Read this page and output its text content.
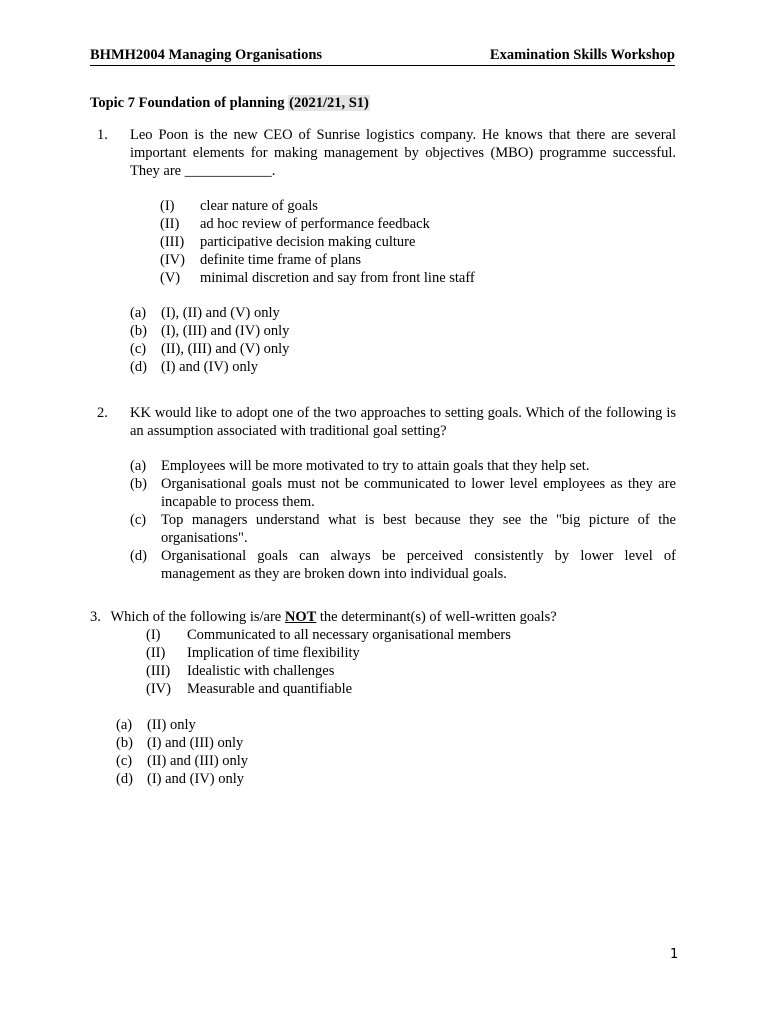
BHMH2004 Managing Organisations	Examination Skills Workshop
Topic 7 Foundation of planning (2021/21, S1)
1. Leo Poon is the new CEO of Sunrise logistics company. He knows that there are several important elements for making management by objectives (MBO) programme successful. They are ____________.
(I)	clear nature of goals
(II)	ad hoc review of performance feedback
(III)	participative decision making culture
(IV)	definite time frame of plans
(V)	minimal discretion and say from front line staff
(a)	(I), (II) and (V) only
(b) (I), (III) and (IV) only
(c)	(II), (III) and (V) only
(d) (I) and (IV) only
2. KK would like to adopt one of the two approaches to setting goals. Which of the following is an assumption associated with traditional goal setting?
(a)	Employees will be more motivated to try to attain goals that they help set.
(b) Organisational goals must not be communicated to lower level employees as they are incapable to process them.
(c)	Top managers understand what is best because they see the "big picture of the organisations".
(d) Organisational goals can always be perceived consistently by lower level of management as they are broken down into individual goals.
3. Which of the following is/are NOT the determinant(s) of well-written goals?
(I)	Communicated to all necessary organisational members
(II)	Implication of time flexibility
(III)	Idealistic with challenges
(IV)	Measurable and quantifiable
(a)	(II) only
(b) (I) and (III) only
(c)	(II) and (III) only
(d) (I) and (IV) only
1
